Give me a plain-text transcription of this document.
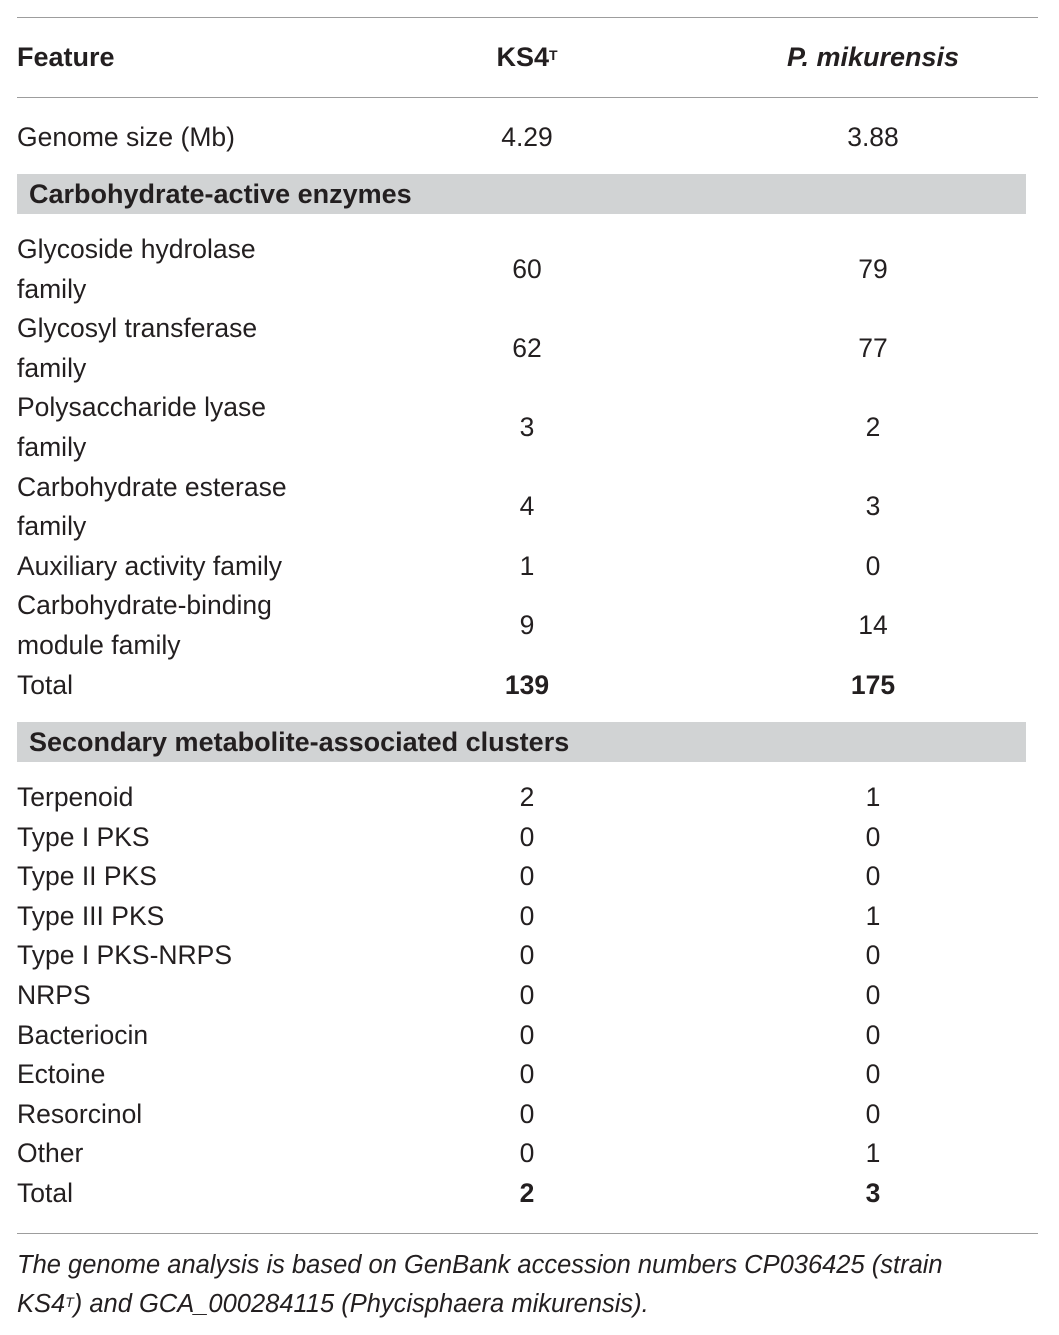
Feature	$KS4^T$	P. mikurensis
Genome size (Mb)	4.29	3.88
Carbohydrate-active enzymes
Glycoside hydrolase
family
60	79
Glycosyl transferase
family
62	77
Polysaccharide lyase
family
3	2
Carbohydrate esterase
family
4	3
Auxiliary activity family	1	0
Carbohydrate-binding
module family
9	14
Total	139	175
Secondary metabolite-associated clusters
Terpenoid	2	1
Type I PKS	0	0
Type II PKS	0	0
Type III PKS	0	1
Type I PKS-NRPS	0	0
NRPS	0	0
Bacteriocin	0	0
Ectoine	0	0
Resorcinol	0	0
Other	0	1
Total	2	3
The genome analysis is based on GenBank accession numbers CP036425 (strain
$KS4^T$) and GCA_000284115 (Phycisphaera mikurensis).
